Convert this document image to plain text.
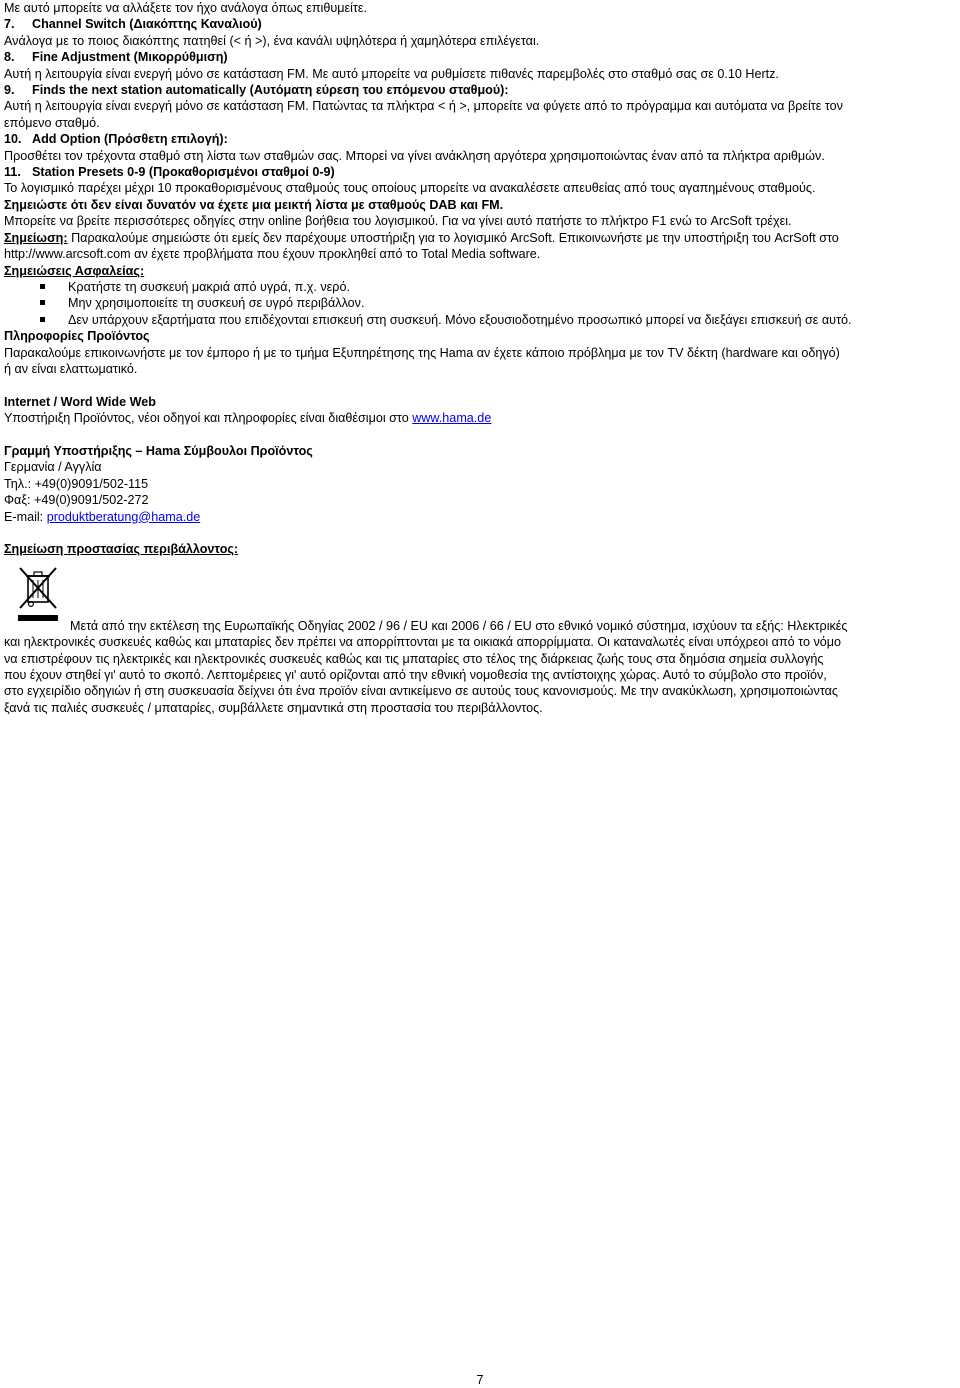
Με αυτό μπορείτε να αλλάξετε τον ήχο ανάλογα όπως επιθυμείτε.
7. Channel Switch (Διακόπτης Καναλιού)
Ανάλογα με το ποιος διακόπτης πατηθεί (< ή >), ένα κανάλι υψηλότερα ή χαμηλότερα επιλέγεται.
8. Fine Adjustment (Μικορρύθμιση)
Αυτή η λειτουργία είναι ενεργή μόνο σε κατάσταση FM. Με αυτό μπορείτε να ρυθμίσετε πιθανές παρεμβολές στο σταθμό σας σε 0.10 Hertz.
9. Finds the next station automatically (Αυτόματη εύρεση του επόμενου σταθμού):
Αυτή η λειτουργία είναι ενεργή μόνο σε κατάσταση FM. Πατώντας τα πλήκτρα < ή >, μπορείτε να φύγετε από το πρόγραμμα και αυτόματα να βρείτε τον
επόμενο σταθμό.
10. Add Option (Πρόσθετη επιλογή):
Προσθέτει τον τρέχοντα σταθμό στη λίστα των σταθμών σας. Μπορεί να γίνει ανάκληση αργότερα χρησιμοποιώντας έναν από τα πλήκτρα αριθμών.
11. Station Presets 0-9 (Προκαθορισμένοι σταθμοί 0-9)
Το λογισμικό παρέχει μέχρι 10 προκαθορισμένους σταθμούς τους οποίους μπορείτε να ανακαλέσετε απευθείας από τους αγαπημένους σταθμούς.
Σημειώστε ότι δεν είναι δυνατόν να έχετε μια μεικτή λίστα με σταθμούς DAB και FM.
Μπορείτε να βρείτε περισσότερες οδηγίες στην online βοήθεια του λογισμικού. Για να γίνει αυτό πατήστε το πλήκτρο F1 ενώ το ArcSoft τρέχει.
Σημείωση: Παρακαλούμε σημειώστε ότι εμείς δεν παρέχουμε υποστήριξη για το λογισμικό ArcSoft. Επικοινωνήστε με την υποστήριξη του AcrSoft στο
http://www.arcsoft.com αν έχετε προβλήματα που έχουν προκληθεί από το Total Media software.
Σημειώσεις Ασφαλείας:
Κρατήστε τη συσκευή μακριά από υγρά, π.χ. νερό.
Μην χρησιμοποιείτε τη συσκευή σε υγρό περιβάλλον.
Δεν υπάρχουν εξαρτήματα που επιδέχονται επισκευή στη συσκευή. Μόνο εξουσιοδοτημένο προσωπικό μπορεί να διεξάγει επισκευή σε αυτό.
Πληροφορίες Προϊόντος
Παρακαλούμε επικοινωνήστε με τον έμπορο ή με το τμήμα Εξυπηρέτησης της Hama αν έχετε κάποιο πρόβλημα με τον TV δέκτη (hardware και οδηγό)
ή αν είναι ελαττωματικό.
Internet / Word Wide Web
Υποστήριξη Προϊόντος, νέοι οδηγοί και πληροφορίες είναι διαθέσιμοι στο www.hama.de
Γραμμή Υποστήριξης – Hama Σύμβουλοι Προϊόντος
Γερμανία / Αγγλία
Τηλ.: +49(0)9091/502-115
Φαξ: +49(0)9091/502-272
E-mail: produktberatung@hama.de
Σημείωση προστασίας περιβάλλοντος:
Μετά από την εκτέλεση της Ευρωπαϊκής Οδηγίας 2002 / 96 / EU και 2006 / 66 / EU στο εθνικό νομικό σύστημα, ισχύουν τα εξής: Ηλεκτρικές
και ηλεκτρονικές συσκευές καθώς και μπαταρίες δεν πρέπει να απορρίπτονται με τα οικιακά απορρίμματα. Οι καταναλωτές είναι υπόχρεοι από το νόμο
να επιστρέφουν τις ηλεκτρικές και ηλεκτρονικές συσκευές καθώς και τις μπαταρίες στο τέλος της διάρκειας ζωής τους στα δημόσια σημεία συλλογής
που έχουν στηθεί γι' αυτό το σκοπό. Λεπτομέρειες γι' αυτό ορίζονται από την εθνική νομοθεσία της αντίστοιχης χώρας. Αυτό το σύμβολο στο προϊόν,
στο εγχειρίδιο οδηγιών ή στη συσκευασία δείχνει ότι ένα προϊόν είναι αντικείμενο σε αυτούς τους κανονισμούς. Με την ανακύκλωση, χρησιμοποιώντας
ξανά τις παλιές συσκευές / μπαταρίες, συμβάλλετε σημαντικά στη προστασία του περιβάλλοντος.
7
